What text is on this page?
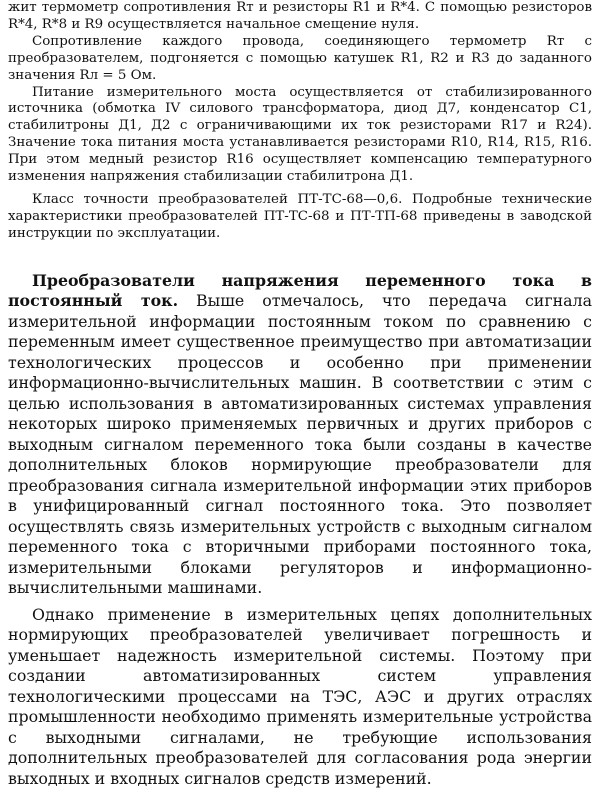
жит термометр сопротивления Rт и резисторы R1 и R*4. С помощью резисторов R*4, R*8 и R9 осуществляется начальное смещение нуля.

Сопротивление каждого провода, соединяющего термометр Rт с преобразователем, подгоняется с помощью катушек R1, R2 и R3 до заданного значения Rл = 5 Ом.

Питание измерительного моста осуществляется от стабилизированного источника (обмотка IV силового трансформатора, диод Д7, конденсатор С1, стабилитроны Д1, Д2 с ограничивающими их ток резисторами R17 и R24). Значение тока питания моста устанавливается резисторами R10, R14, R15, R16. При этом медный резистор R16 осуществляет компенсацию температурного изменения напряжения стабилизации стабилитрона Д1.

Класс точности преобразователей ПТ-ТС-68—0,6. Подробные технические характеристики преобразователей ПТ-ТС-68 и ПТ-ТП-68 приведены в заводской инструкции по эксплуатации.

Преобразователи напряжения переменного тока в постоянный ток. Выше отмечалось, что передача сигнала измерительной информации постоянным током по сравнению с переменным имеет существенное преимущество при автоматизации технологических процессов и особенно при применении информационно-вычислительных машин. В соответствии с этим с целью использования в автоматизированных системах управления некоторых широко применяемых первичных и других приборов с выходным сигналом переменного тока были созданы в качестве дополнительных блоков нормирующие преобразователи для преобразования сигнала измерительной информации этих приборов в унифицированный сигнал постоянного тока. Это позволяет осуществлять связь измерительных устройств с выходным сигналом переменного тока с вторичными приборами постоянного тока, измерительными блоками регуляторов и информационно-вычислительными машинами.

Однако применение в измерительных цепях дополнительных нормирующих преобразователей увеличивает погрешность и уменьшает надежность измерительной системы. Поэтому при создании автоматизированных систем управления технологическими процессами на ТЭС, АЭС и других отраслях промышленности необходимо применять измерительные устройства с выходными сигналами, не требующие использования дополнительных преобразователей для согласования рода энергии выходных и входных сигналов средств измерений.
